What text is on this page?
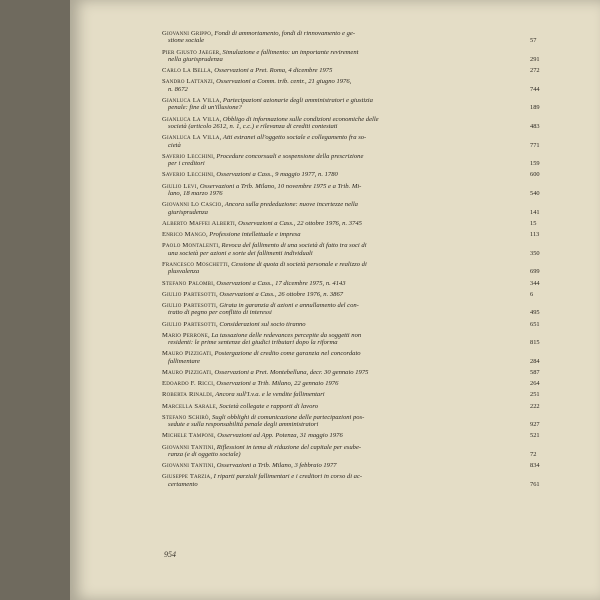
Giovanni Grippo, Fondi di ammortamento, fondi di rinnovamento e ge-
stione sociale	57
Pier Giusto Jaeger, Simulazione e fallimento: un importante revirement
nella giurisprudenza	291
Carlo La Bella, Osservazioni a Pret. Roma, 4 dicembre 1975	272
Sandro Lattanzi, Osservazioni a Comm. trib. centr., 21 giugno 1976,
n. 8672	744
Gianluca La Villa, Partecipazioni azionarie degli amministratori e giustizia
penale: fine di un'illusione?	189
Gianluca La Villa, Obbligo di informazione sulle condizioni economiche delle
società (articolo 2612, n. 1, c.c.) e rilevanza di crediti contestati	483
Gianluca La Villa, Atti estranei all'oggetto sociale e collegamento fra so-
cietà	771
Saverio Lecchini, Procedure concorsuali e sospensione della prescrizione
per i creditori	159
Saverio Lecchini, Osservazioni a Cass., 9 maggio 1977, n. 1780	600
Giulio Levi, Osservazioni a Trib. Milano, 10 novembre 1975 e a Trib. Mi-
lano, 18 marzo 1976	540
Giovanni Lo Cascio, Ancora sulla prededuzione: nuove incertezze nella
giurisprudenza	141
Alberto Maffei Alberti, Osservazioni a Cass., 22 ottobre 1976, n. 3745	15
Enrico Mango, Professione intellettuale e impresa	113
Paolo Montalenti, Revoca del fallimento di una società di fatto tra soci di
una società per azioni e sorte dei fallimenti individuali	350
Francesco Moschetti, Cessione di quota di società personale e realizzo di
plusvalenza	699
Stefano Palombi, Osservazioni a Cass., 17 dicembre 1975, n. 4143	344
Giulio Partesotti, Osservazioni a Cass., 26 ottobre 1976, n. 3867	6
Giulio Partesotti, Girata in garanzia di azioni e annullamento del con-
tratto di pegno per conflitto di interessi	495
Giulio Partesotti, Considerazioni sul socio tiranno	651
Mario Perrone, La tassazione delle redevances percepite da soggetti non
residenti: le prime sentenze dei giudici tributari dopo la riforma	815
Mauro Pizzigati, Postergazione di credito come garanzia nel concordato
fallimentare	284
Mauro Pizzigati, Osservazioni a Pret. Montebelluna, decr. 30 gennaio 1975	587
Edoardo F. Ricci, Osservazioni a Trib. Milano, 22 gennaio 1976	264
Roberta Rinaldi, Ancora sull'I.v.a. e le vendite fallimentari	251
Marcella Sarale, Società collegate e rapporti di lavoro	222
Stefano Schirò, Sugli obblighi di comunicazione delle partecipazioni pos-
sedute e sulla responsabilità penale degli amministratori	927
Michele Tamponi, Osservazioni ad App. Potenza, 31 maggio 1976	521
Giovanni Tantini, Riflessioni in tema di riduzione del capitale per esube-
ranza (e di oggetto sociale)	72
Giovanni Tantini, Osservazioni a Trib. Milano, 3 febbraio 1977	834
Giuseppe Tarzia, I riparti parziali fallimentari e i creditori in corso di ac-
certamento	761
954
